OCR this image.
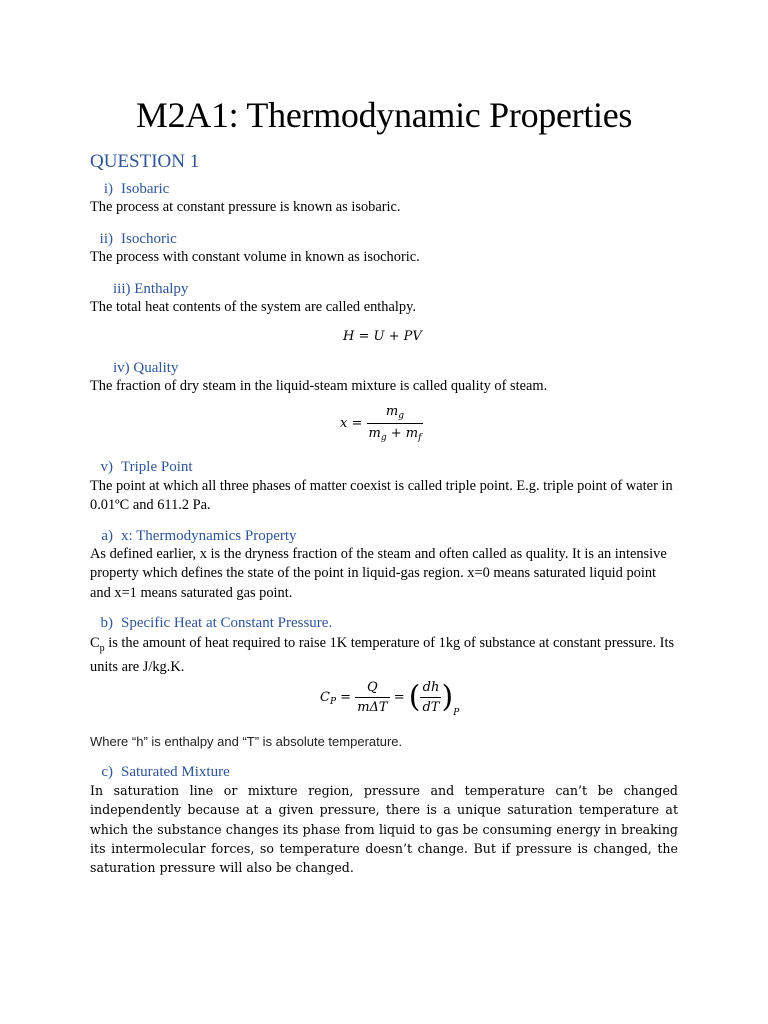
M2A1: Thermodynamic Properties
QUESTION 1
i) Isobaric
The process at constant pressure is known as isobaric.
ii) Isochoric
The process with constant volume in known as isochoric.
iii) Enthalpy
The total heat contents of the system are called enthalpy.
H = U + PV
iv) Quality
The fraction of dry steam in the liquid-steam mixture is called quality of steam.
$x = \frac{m_g}{m_g + m_f}$
v) Triple Point
The point at which all three phases of matter coexist is called triple point. E.g. triple point of water in 0.01ºC and 611.2 Pa.
a) x: Thermodynamics Property
As defined earlier, x is the dryness fraction of the steam and often called as quality. It is an intensive property which defines the state of the point in liquid-gas region. x=0 means saturated liquid point and x=1 means saturated gas point.
b) Specific Heat at Constant Pressure.
$C_p$ is the amount of heat required to raise 1K temperature of 1kg of substance at constant pressure. Its units are J/kg.K.
$C_P = \frac{Q}{\text{mΔT}}$ = ( $\frac{dh}{dT} )_P$
Where “h” is enthalpy and “T” is absolute temperature.
c) Saturated Mixture
In saturation line or mixture region, pressure and temperature can’t be changed independently because at a given pressure, there is a unique saturation temperature at which the substance changes its phase from liquid to gas be consuming energy in breaking its intermolecular forces, so temperature doesn’t change. But if pressure is changed, the saturation pressure will also be changed.
